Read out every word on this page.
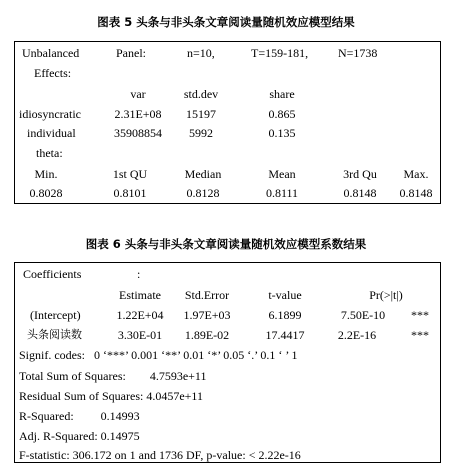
图表 5 头条与非头条文章阅读量随机效应模型结果
Unbalanced	Panel:	n=10,	T=159-181, N=1738
Effects:
var	std.dev	share
idiosyncratic	2.31E+08 15197	0.865
individual	35908854 5992	0.135
theta:
Min.	1st QU	Median	Mean	3rd Qu Max.
0.8028	0.8101	0.8128	0.8111	0.8148 0.8148
图表 6 头条与非头条文章阅读量随机效应模型系数结果
Coefficients	:
Estimate Std.Error	t-value	Pr(>|t|)
(Intercept)	1.22E+04 1.97E+03	6.1899	7.50E-10 ***
头条阅读数	3.30E-01 1.89E-02	17.4417	2.2E-16	***
Signif. codes:   0 ‘***’ 0.001 ‘**’ 0.01 ‘*’ 0.05 ‘.’ 0.1 ‘ ’ 1
Total Sum of Squares:        4.7593e+11
Residual Sum of Squares: 4.0457e+11
R-Squared:         0.14993
Adj. R-Squared: 0.14975
F-statistic: 306.172 on 1 and 1736 DF, p-value: < 2.22e-16
